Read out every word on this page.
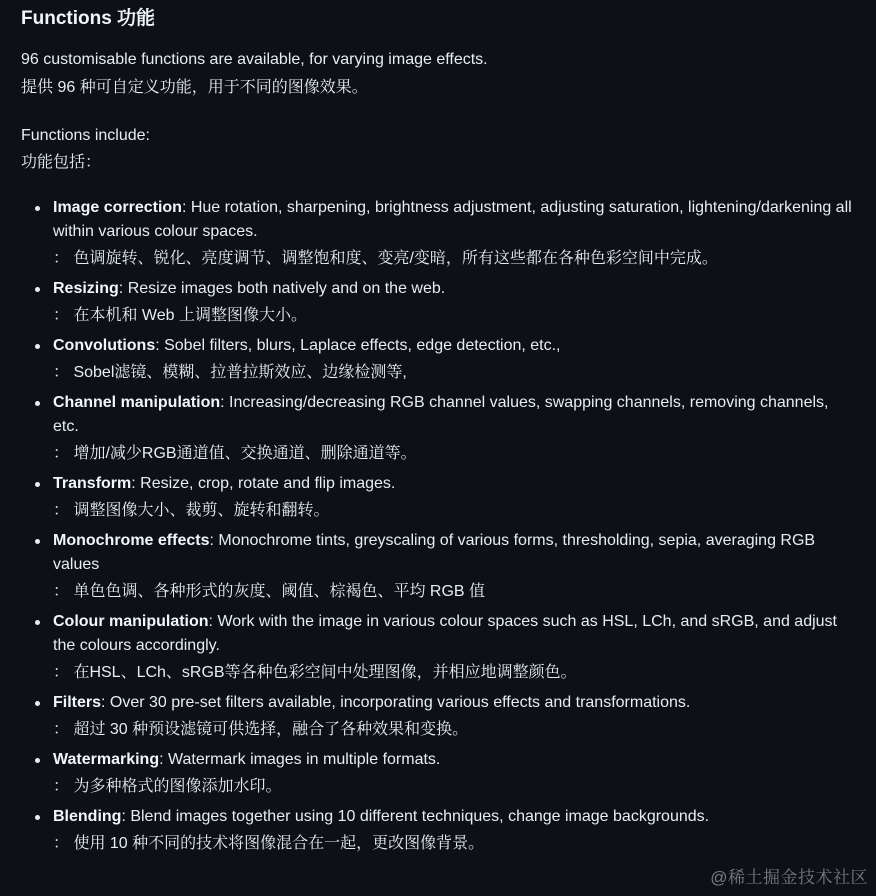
Functions 功能
96 customisable functions are available, for varying image effects.
提供 96 种可自定义功能，用于不同的图像效果。
Functions include:
功能包括：
Image correction: Hue rotation, sharpening, brightness adjustment, adjusting saturation, lightening/darkening all within various colour spaces.
： 色调旋转、锐化、亮度调节、调整饱和度、变亮/变暗，所有这些都在各种色彩空间中完成。
Resizing: Resize images both natively and on the web.
： 在本机和 Web 上调整图像大小。
Convolutions: Sobel filters, blurs, Laplace effects, edge detection, etc.,
： Sobel滤镜、模糊、拉普拉斯效应、边缘检测等,
Channel manipulation: Increasing/decreasing RGB channel values, swapping channels, removing channels, etc.
： 增加/减少RGB通道值、交换通道、删除通道等。
Transform: Resize, crop, rotate and flip images.
： 调整图像大小、裁剪、旋转和翻转。
Monochrome effects: Monochrome tints, greyscaling of various forms, thresholding, sepia, averaging RGB values
： 单色色调、各种形式的灰度、阈值、棕褐色、平均 RGB 值
Colour manipulation: Work with the image in various colour spaces such as HSL, LCh, and sRGB, and adjust the colours accordingly.
： 在HSL、LCh、sRGB等各种色彩空间中处理图像，并相应地调整颜色。
Filters: Over 30 pre-set filters available, incorporating various effects and transformations.
： 超过 30 种预设滤镜可供选择，融合了各种效果和变换。
Watermarking: Watermark images in multiple formats.
： 为多种格式的图像添加水印。
Blending: Blend images together using 10 different techniques, change image backgrounds.
： 使用 10 种不同的技术将图像混合在一起，更改图像背景。
@稀土掘金技术社区
